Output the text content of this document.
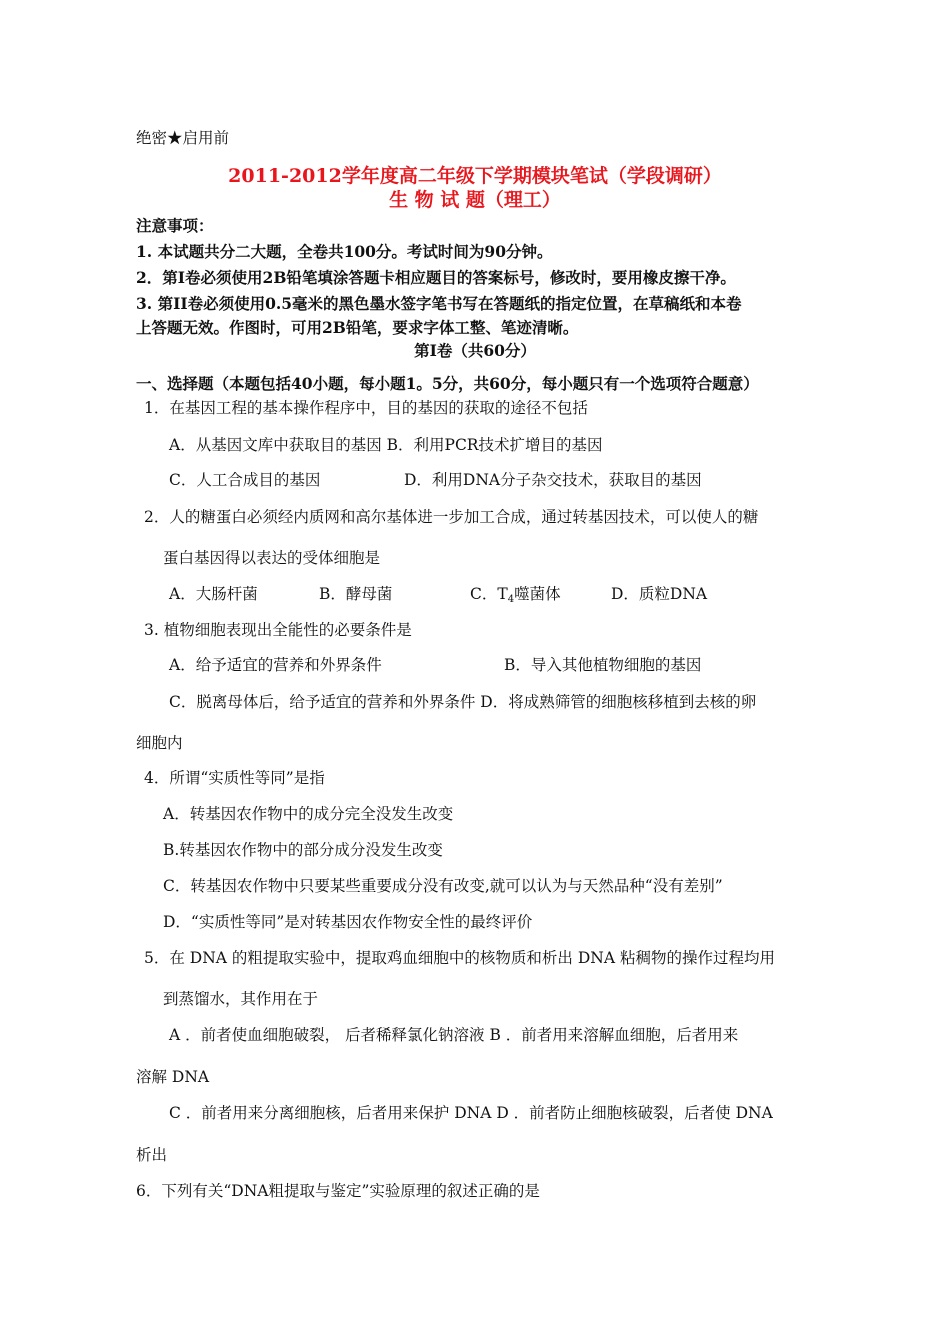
绝密★启用前
2011-2012学年度高二年级下学期模块笔试（学段调研）
生 物 试 题（理工）
注意事项：
1. 本试题共分二大题，全卷共100分。考试时间为90分钟。
2．第Ⅰ卷必须使用2B铅笔填涂答题卡相应题目的答案标号，修改时，要用橡皮擦干净。
3. 第II卷必须使用0.5毫米的黑色墨水签字笔书写在答题纸的指定位置，在草稿纸和本卷
上答题无效。作图时，可用2B铅笔，要求字体工整、笔迹清晰。
第Ⅰ卷（共60分）
一、选择题（本题包括40小题，每小题1。5分，共60分，每小题只有一个选项符合题意）
1．在基因工程的基本操作程序中，目的基因的获取的途径不包括
A．从基因文库中获取目的基因 B．利用PCR技术扩增目的基因
C．人工合成目的基因	D．利用DNA分子杂交技术，获取目的基因
2．人的糖蛋白必须经内质网和高尔基体进一步加工合成，通过转基因技术，可以使人的糖
蛋白基因得以表达的受体细胞是
A．大肠杆菌	B．酵母菌	C．$T_4$噬菌体	D．质粒DNA
3. 植物细胞表现出全能性的必要条件是
A．给予适宜的营养和外界条件	B．导入其他植物细胞的基因
C．脱离母体后，给予适宜的营养和外界条件 D．将成熟筛管的细胞核移植到去核的卵
细胞内
4．所谓“实质性等同”是指
A．转基因农作物中的成分完全没发生改变
B.转基因农作物中的部分成分没发生改变
C．转基因农作物中只要某些重要成分没有改变,就可以认为与天然品种“没有差别”
D．“实质性等同”是对转基因农作物安全性的最终评价
5．在 DNA 的粗提取实验中，提取鸡血细胞中的核物质和析出 DNA 粘稠物的操作过程均用
到蒸馏水，其作用在于
A ．前者使血细胞破裂， 后者稀释氯化钠溶液 B ．前者用来溶解血细胞，后者用来
溶解 DNA
C ．前者用来分离细胞核，后者用来保护 DNA D ．前者防止细胞核破裂，后者使 DNA
析出
6．下列有关“DNA粗提取与鉴定”实验原理的叙述正确的是
